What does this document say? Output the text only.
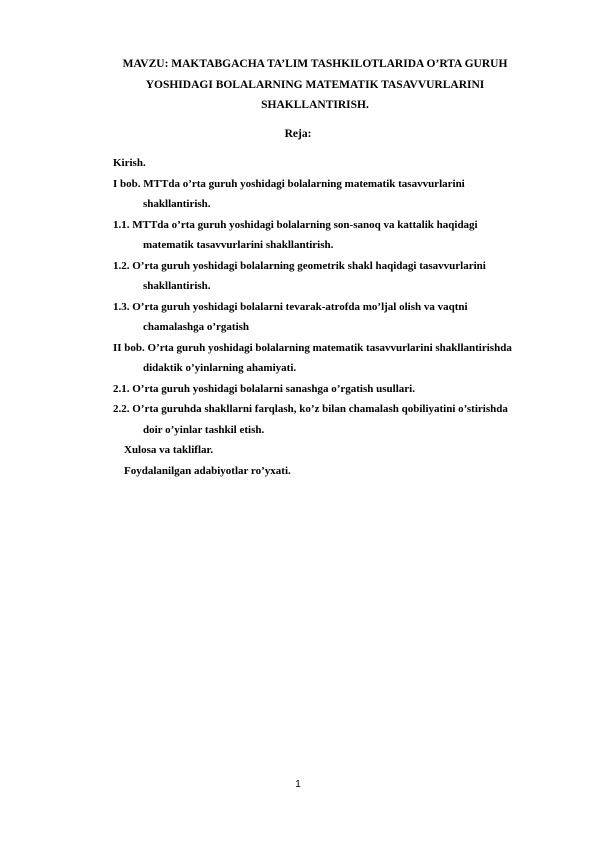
MAVZU: MAKTABGACHA TA’LIM TASHKILOTLARIDA O’RTA GURUH
YOSHIDAGI BOLALARNING MATEMATIK TASAVVURLARINI
SHAKLLANTIRISH.
Reja:
Kirish.
I bob. MTTda o’rta guruh yoshidagi bolalarning matematik tasavvurlarini
shakllantirish.
1.1. MTTda o’rta guruh yoshidagi bolalarning son-sanoq va kattalik haqidagi
matematik tasavvurlarini shakllantirish.
1.2. O’rta guruh yoshidagi bolalarning geometrik shakl haqidagi tasavvurlarini
shakllantirish.
1.3. O’rta guruh yoshidagi bolalarni tevarak-atrofda mo’ljal olish va vaqtni
chamalashga o’rgatish
II bob. O’rta guruh yoshidagi bolalarning matematik tasavvurlarini shakllantirishda
didaktik o’yinlarning ahamiyati.
2.1. O’rta guruh yoshidagi bolalarni sanashga o’rgatish usullari.
2.2. O’rta guruhda shakllarni farqlash, ko’z bilan chamalash qobiliyatini o’stirishda
doir o’yinlar tashkil etish.
Xulosa va takliflar.
Foydalanilgan adabiyotlar ro’yxati.
1
